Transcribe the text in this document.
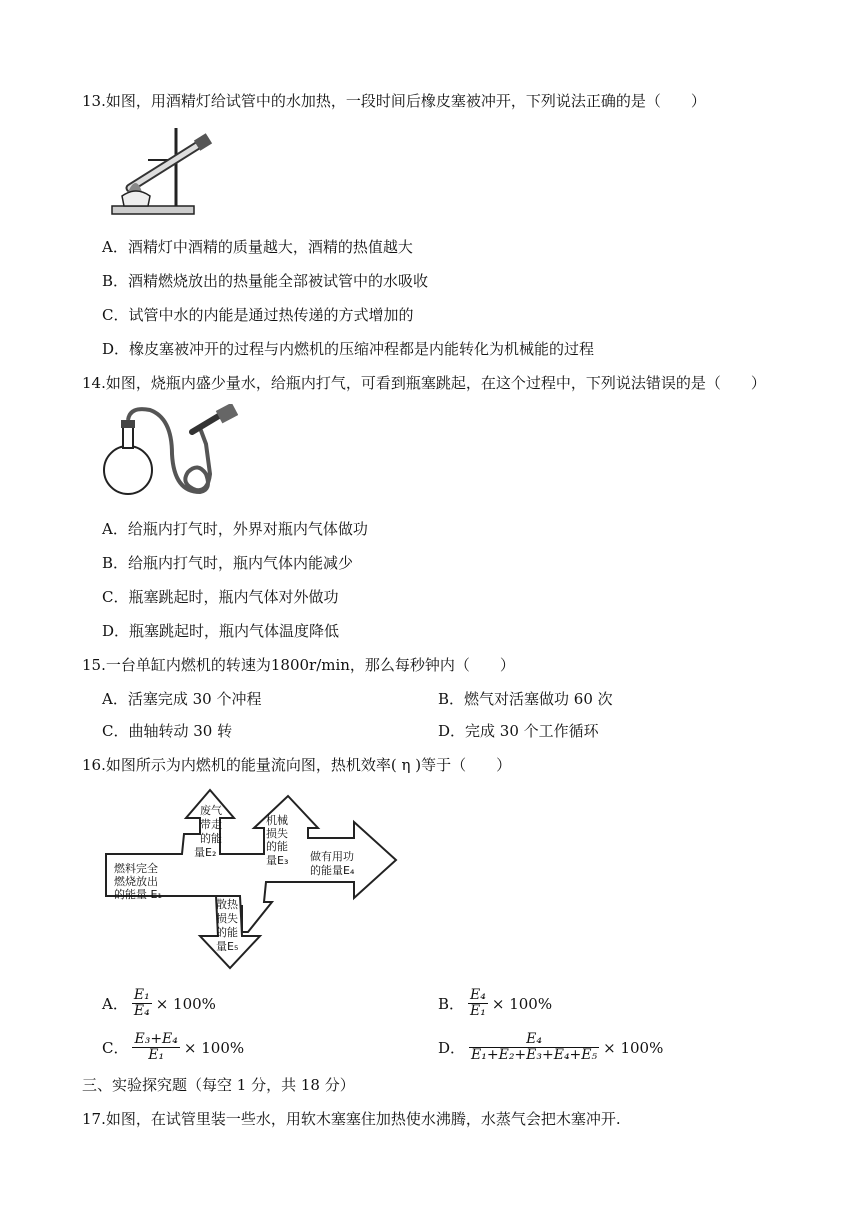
13.如图，用酒精灯给试管中的水加热，一段时间后橡皮塞被冲开，下列说法正确的是（　　）
A．酒精灯中酒精的质量越大，酒精的热值越大
B．酒精燃烧放出的热量能全部被试管中的水吸收
C．试管中水的内能是通过热传递的方式增加的
D．橡皮塞被冲开的过程与内燃机的压缩冲程都是内能转化为机械能的过程
14.如图，烧瓶内盛少量水，给瓶内打气，可看到瓶塞跳起，在这个过程中，下列说法错误的是（　　）
A．给瓶内打气时，外界对瓶内气体做功
B．给瓶内打气时，瓶内气体内能减少
C．瓶塞跳起时，瓶内气体对外做功
D．瓶塞跳起时，瓶内气体温度降低
15.一台单缸内燃机的转速为1800r/min，那么每秒钟内（　　）
A．活塞完成 30 个冲程	B．燃气对活塞做功 60 次
C．曲轴转动 30 转	D．完成 30 个工作循环
16.如图所示为内燃机的能量流向图，热机效率( η )等于（　　）
燃料完全
燃烧放出
的能量 E₁
废气
带走
的能
量E₂
机械
损失
的能
量E₃ 做有用功
的能量E₄
散热
损失
的能
量E₅
A． $\frac{\text{E₁}}{\text{E₄}} \times 100\%$	B． $\frac{\text{E₄}}{\text{E₁}} \times 100\%$
C． $\frac{\text{E₃+E₄}}{\text{E₁}} \times 100\%$	D． $\frac{\text{E₄}}{\text{E₁+E₂+E₃+E₄+E₅}} \times 100\%$
三、实验探究题（每空 1 分，共 18 分）
17.如图，在试管里装一些水，用软木塞塞住加热使水沸腾，水蒸气会把木塞冲开.
